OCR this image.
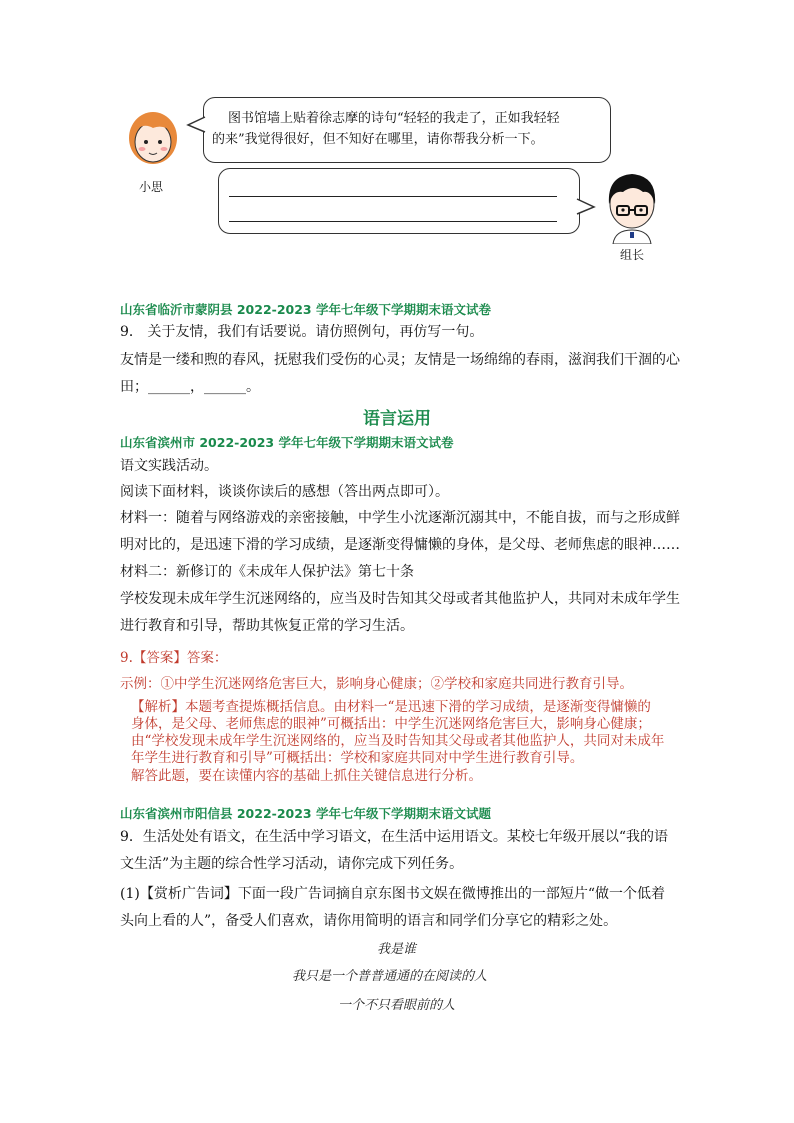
小思
图书馆墙上贴着徐志摩的诗句“轻轻的我走了，正如我轻轻
的来”我觉得很好，但不知好在哪里，请你帮我分析一下。
组长
山东省临沂市蒙阴县 2022-2023 学年七年级下学期期末语文试卷
9． 关于友情，我们有话要说。请仿照例句，再仿写一句。
友情是一缕和煦的春风，抚慰我们受伤的心灵；友情是一场绵绵的春雨，滋润我们干涸的心
田；______，______。
语言运用
山东省滨州市 2022-2023 学年七年级下学期期末语文试卷
语文实践活动。
阅读下面材料，谈谈你读后的感想（答出两点即可）。
材料一：随着与网络游戏的亲密接触，中学生小沈逐渐沉溺其中，不能自拔，而与之形成鲜
明对比的，是迅速下滑的学习成绩，是逐渐变得慵懒的身体，是父母、老师焦虑的眼神……
材料二：新修订的《未成年人保护法》第七十条
学校发现未成年学生沉迷网络的，应当及时告知其父母或者其他监护人，共同对未成年学生
进行教育和引导，帮助其恢复正常的学习生活。
9.【答案】答案：
示例：①中学生沉迷网络危害巨大，影响身心健康；②学校和家庭共同进行教育引导。
【解析】本题考查提炼概括信息。由材料一“是迅速下滑的学习成绩，是逐渐变得慵懒的
身体，是父母、老师焦虑的眼神”可概括出：中学生沉迷网络危害巨大，影响身心健康；
由“学校发现未成年学生沉迷网络的，应当及时告知其父母或者其他监护人，共同对未成年
年学生进行教育和引导”可概括出：学校和家庭共同对中学生进行教育引导。
解答此题，要在读懂内容的基础上抓住关键信息进行分析。
山东省滨州市阳信县 2022-2023 学年七年级下学期期末语文试题
9．生活处处有语文，在生活中学习语文，在生活中运用语文。某校七年级开展以“我的语
文生活”为主题的综合性学习活动，请你完成下列任务。
(1)【赏析广告词】下面一段广告词摘自京东图书文娱在微博推出的一部短片“做一个低着
头向上看的人”，备受人们喜欢，请你用简明的语言和同学们分享它的精彩之处。
我是谁
我只是一个普普通通的在阅读的人
一个不只看眼前的人
